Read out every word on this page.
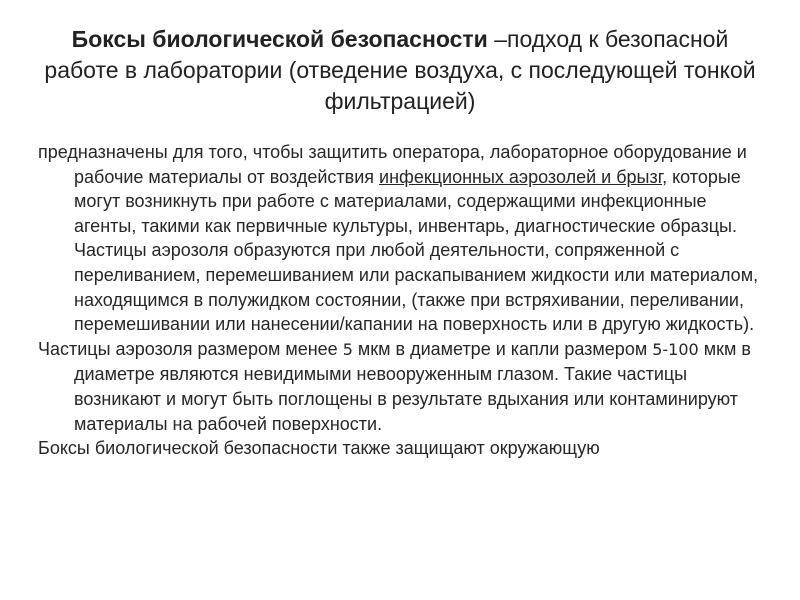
Боксы биологической безопасности –подход к безопасной работе в лаборатории (отведение воздуха, с последующей тонкой фильтрацией)

предназначены для того, чтобы защитить оператора, лабораторное оборудование и рабочие материалы от воздействия инфекционных аэрозолей и брызг, которые могут возникнуть при работе с материалами, содержащими инфекционные агенты, такими как первичные культуры, инвентарь, диагностические образцы. Частицы аэрозоля образуются при любой деятельности, сопряженной с переливанием, перемешиванием или раскапыванием жидкости или материалом, находящимся в полужидком состоянии, (также при встряхивании, переливании, перемешивании или нанесении/капании на поверхность или в другую жидкость).

Частицы аэрозоля размером менее 5 мкм в диаметре и капли размером 5-100 мкм в диаметре являются невидимыми невооруженным глазом. Такие частицы возникают и могут быть поглощены в результате вдыхания или контаминируют материалы на рабочей поверхности.

Боксы биологической безопасности также защищают окружающую
